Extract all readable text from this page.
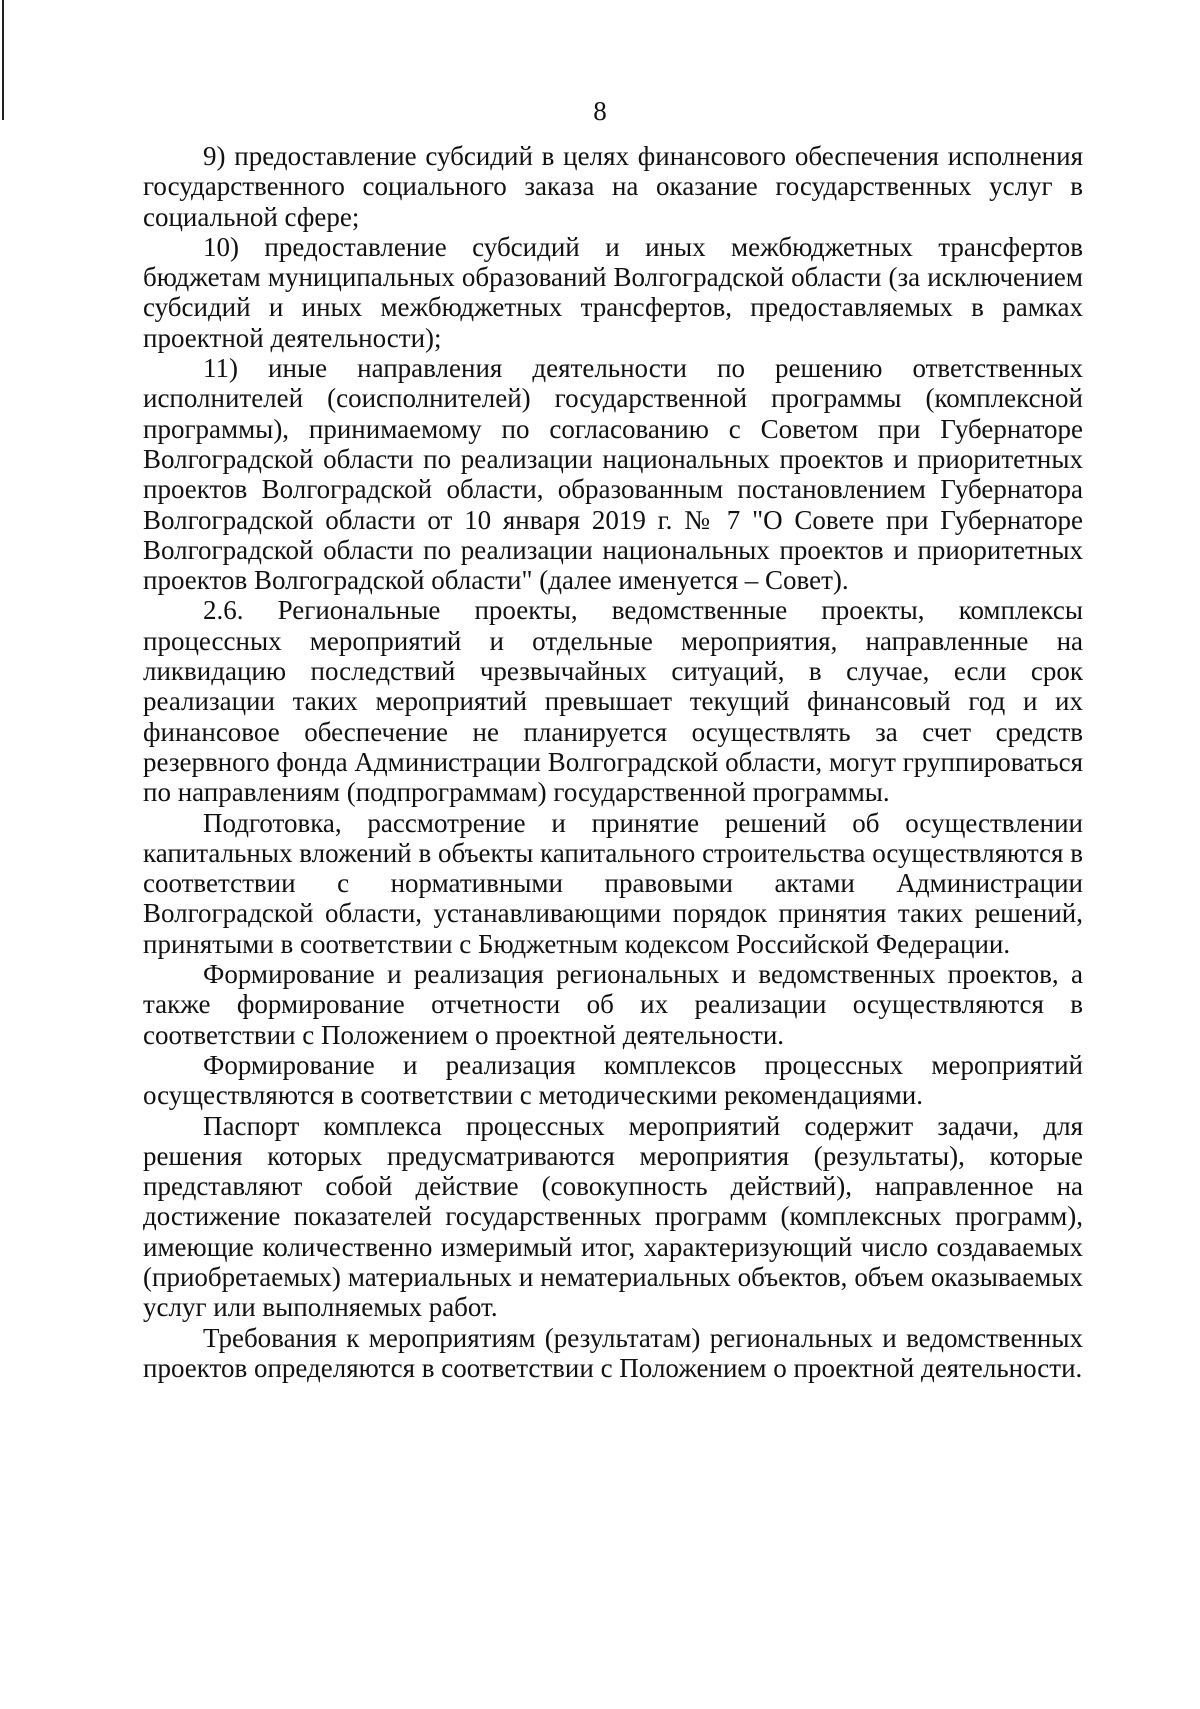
8

9) предоставление субсидий в целях финансового обеспечения исполнения государственного социального заказа на оказание государственных услуг в социальной сфере;

10) предоставление субсидий и иных межбюджетных трансфертов бюджетам муниципальных образований Волгоградской области (за исключением субсидий и иных межбюджетных трансфертов, предоставляемых в рамках проектной деятельности);

11) иные направления деятельности по решению ответственных исполнителей (соисполнителей) государственной программы (комплексной программы), принимаемому по согласованию с Советом при Губернаторе Волгоградской области по реализации национальных проектов и приоритетных проектов Волгоградской области, образованным постановлением Губернатора Волгоградской области от 10 января 2019 г. № 7 "О Совете при Губернаторе Волгоградской области по реализации национальных проектов и приоритетных проектов Волгоградской области" (далее именуется – Совет).

2.6. Региональные проекты, ведомственные проекты, комплексы процессных мероприятий и отдельные мероприятия, направленные на ликвидацию последствий чрезвычайных ситуаций, в случае, если срок реализации таких мероприятий превышает текущий финансовый год и их финансовое обеспечение не планируется осуществлять за счет средств резервного фонда Администрации Волгоградской области, могут группироваться по направлениям (подпрограммам) государственной программы.

Подготовка, рассмотрение и принятие решений об осуществлении капитальных вложений в объекты капитального строительства осуществляются в соответствии с нормативными правовыми актами Администрации Волгоградской области, устанавливающими порядок принятия таких решений, принятыми в соответствии с Бюджетным кодексом Российской Федерации.

Формирование и реализация региональных и ведомственных проектов, а также формирование отчетности об их реализации осуществляются в соответствии с Положением о проектной деятельности.

Формирование и реализация комплексов процессных мероприятий осуществляются в соответствии с методическими рекомендациями.

Паспорт комплекса процессных мероприятий содержит задачи, для решения которых предусматриваются мероприятия (результаты), которые представляют собой действие (совокупность действий), направленное на достижение показателей государственных программ (комплексных программ), имеющие количественно измеримый итог, характеризующий число создаваемых (приобретаемых) материальных и нематериальных объектов, объем оказываемых услуг или выполняемых работ.

Требования к мероприятиям (результатам) региональных и ведомственных проектов определяются в соответствии с Положением о проектной деятельности.
